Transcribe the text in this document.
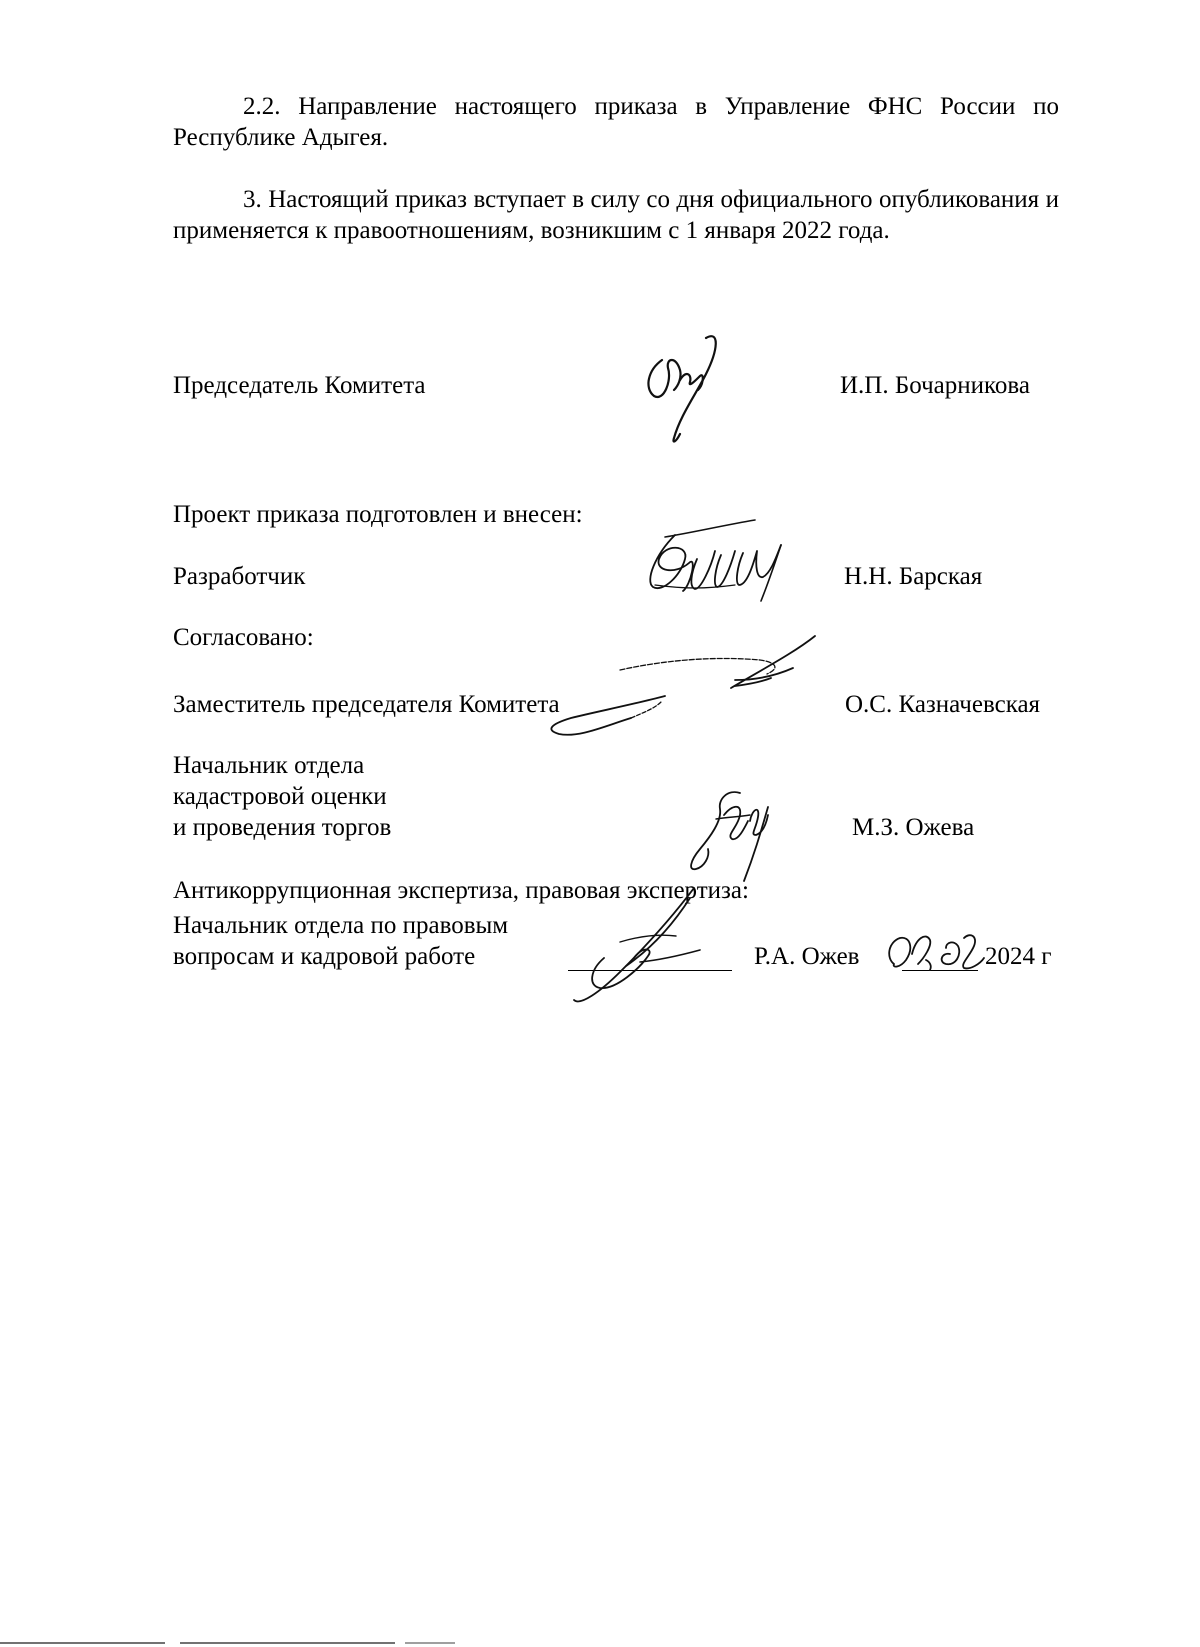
2.2. Направление настоящего приказа в Управление ФНС России по Республике Адыгея.

3. Настоящий приказ вступает в силу со дня официального опубликования и применяется к правоотношениям, возникшим с 1 января 2022 года.

Председатель Комитета	И.П. Бочарникова

Проект приказа подготовлен и внесен:

Разработчик	Н.Н. Барская

Согласовано:

Заместитель председателя Комитета	О.С. Казначевская

Начальник отдела

кадастровой оценки

и проведения торгов	М.З. Ожева

Антикоррупционная экспертиза, правовая экспертиза:

Начальник отдела по правовым

вопросам и кадровой работе	Р.А. Ожев	2024 г
